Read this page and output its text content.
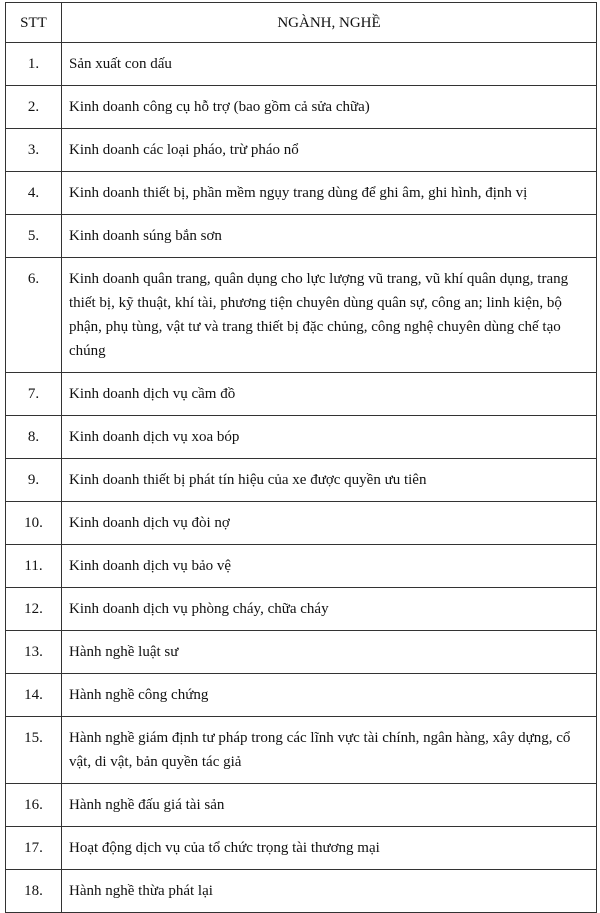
STT	NGÀNH, NGHỀ
1.	Sản xuất con dấu
2.	Kinh doanh công cụ hỗ trợ (bao gồm cả sửa chữa)
3.	Kinh doanh các loại pháo, trừ pháo nổ
4.	Kinh doanh thiết bị, phần mềm ngụy trang dùng để ghi âm, ghi hình, định vị
5.	Kinh doanh súng bắn sơn
6.	Kinh doanh quân trang, quân dụng cho lực lượng vũ trang, vũ khí quân dụng, trang thiết bị, kỹ thuật, khí tài, phương tiện chuyên dùng quân sự, công an; linh kiện, bộ phận, phụ tùng, vật tư và trang thiết bị đặc chủng, công nghệ chuyên dùng chế tạo chúng
7.	Kinh doanh dịch vụ cầm đồ
8.	Kinh doanh dịch vụ xoa bóp
9.	Kinh doanh thiết bị phát tín hiệu của xe được quyền ưu tiên
10.	Kinh doanh dịch vụ đòi nợ
11.	Kinh doanh dịch vụ bảo vệ
12.	Kinh doanh dịch vụ phòng cháy, chữa cháy
13.	Hành nghề luật sư
14.	Hành nghề công chứng
15.	Hành nghề giám định tư pháp trong các lĩnh vực tài chính, ngân hàng, xây dựng, cổ vật, di vật, bản quyền tác giả
16.	Hành nghề đấu giá tài sản
17.	Hoạt động dịch vụ của tổ chức trọng tài thương mại
18.	Hành nghề thừa phát lại
